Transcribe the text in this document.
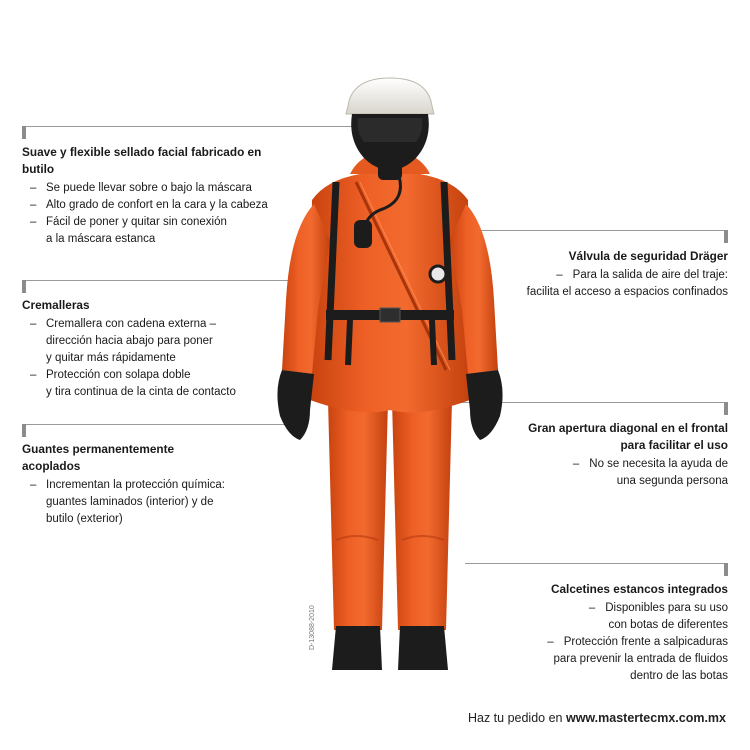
Suave y flexible sellado facial fabricado en
butilo
– Se puede llevar sobre o bajo la máscara
– Alto grado de confort en la cara y la cabeza
– Fácil de poner y quitar sin conexión
a la máscara estanca
Cremalleras
– Cremallera con cadena externa –
dirección hacia abajo para poner
y quitar más rápidamente
– Protección con solapa doble
y tira continua de la cinta de contacto
Guantes permanentemente
acoplados
– Incrementan la protección química:
guantes laminados (interior) y de
butilo (exterior)
Válvula de seguridad Dräger
– Para la salida de aire del traje:
facilita el acceso a espacios confinados
Gran apertura diagonal en el frontal
para facilitar el uso
– No se necesita la ayuda de
una segunda persona
Calcetines estancos integrados
– Disponibles para su uso
con botas de diferentes
– Protección frente a salpicaduras
para prevenir la entrada de fluidos
dentro de las botas
D-13088-2010
Haz tu pedido en www.mastertecmx.com.mx
